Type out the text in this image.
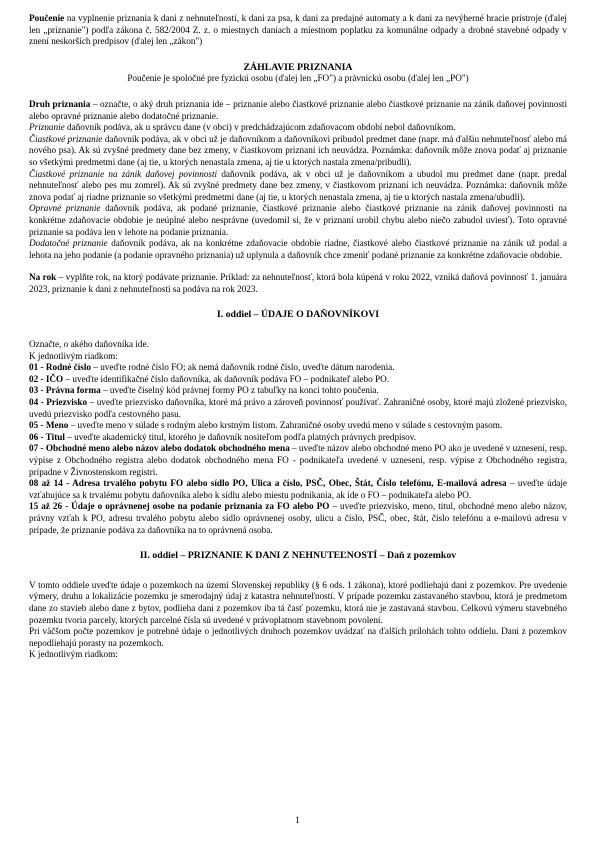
Poučenie na vyplnenie priznania k dani z nehnuteľností, k dani za psa, k dani za predajné automaty a k dani za nevýherné hracie prístroje (ďalej len „priznanie") podľa zákona č. 582/2004 Z. z. o miestnych daniach a miestnom poplatku za komunálne odpady a drobné stavebné odpady v znení neskorších predpisov (ďalej len „zákon")

ZÁHLAVIE PRIZNANIA

Poučenie je spoločné pre fyzickú osobu (ďalej len „FO") a právnickú osobu (ďalej len „PO")

Druh priznania – označte, o aký druh priznania ide – priznanie alebo čiastkové priznanie alebo čiastkové priznanie na zánik daňovej povinnosti alebo opravné priznanie alebo dodatočné priznanie.

Priznanie daňovník podáva, ak u správcu dane (v obci) v predchádzajúcom zdaňovacom období nebol daňovníkom.

Čiastkové priznanie daňovník podáva, ak v obci už je daňovníkom a daňovníkovi pribudol predmet dane (napr. má ďalšiu nehnuteľnosť alebo má nového psa). Ak sú zvyšné predmety dane bez zmeny, v čiastkovom priznaní ich neuvádza. Poznámka: daňovník môže znova podať aj priznanie so všetkými predmetmi dane (aj tie, u ktorých nenastala zmena, aj tie u ktorých nastala zmena/pribudli).

Čiastkové priznanie na zánik daňovej povinnosti daňovník podáva, ak v obci už je daňovníkom a ubudol mu predmet dane (napr. predal nehnuteľnosť alebo pes mu zomrel). Ak sú zvyšné predmety dane bez zmeny, v čiastkovom priznaní ich neuvádza. Poznámka: daňovník môže znova podať aj riadne priznanie so všetkými predmetmi dane (aj tie, u ktorých nenastala zmena, aj tie u ktorých nastala zmena/ubudli).

Opravné priznanie daňovník podáva, ak podané priznanie, čiastkové priznanie alebo čiastkové priznanie na zánik daňovej povinnosti na konkrétne zdaňovacie obdobie je neúplné alebo nesprávne (uvedomil si, že v priznaní urobil chybu alebo niečo zabudol uviesť). Toto opravné priznanie sa podáva len v lehote na podanie priznania.

Dodatočné priznanie daňovník podáva, ak na konkrétne zdaňovacie obdobie riadne, čiastkové alebo čiastkové priznanie na zánik už podal a lehota na jeho podanie (a podanie opravného priznania) už uplynula a daňovník chce zmeniť podané priznanie za konkrétne zdaňovacie obdobie.

Na rok – vyplňte rok, na ktorý podávate priznanie. Príklad: za nehnuteľnosť, ktorá bola kúpená v roku 2022, vzniká daňová povinnosť 1. januára 2023, priznanie k dani z nehnuteľností sa podáva na rok 2023.

I. oddiel – ÚDAJE O DAŇOVNÍKOVI

Označte, o akého daňovníka ide.

K jednotlivým riadkom:

01 - Rodné číslo – uveďte rodné číslo FO; ak nemá daňovník rodné číslo, uveďte dátum narodenia.

02 - IČO – uveďte identifikačné číslo daňovníka, ak daňovník podáva FO – podnikateľ alebo PO.

03 - Právna forma – uveďte číselný kód právnej formy PO z tabuľky na konci tohto poučenia.

04 - Priezvisko – uveďte priezvisko daňovníka, ktoré má právo a zároveň povinnosť používať. Zahraničné osoby, ktoré majú zložené priezvisko, uvedú priezvisko podľa cestovného pasu.

05 - Meno – uveďte meno v súlade s rodným alebo krstným listom. Zahraničné osoby uvedú meno v súlade s cestovným pasom.

06 - Titul – uveďte akademický titul, ktorého je daňovník nositeľom podľa platných právnych predpisov.

07 - Obchodné meno alebo názov alebo dodatok obchodného mena – uveďte názov alebo obchodné meno PO ako je uvedené v uznesení, resp. výpise z Obchodného registra alebo dodatok obchodného mena FO - podnikateľa uvedené v uznesení, resp. výpise z Obchodného registra, prípadne v Živnostenskom registri.

08 až 14 - Adresa trvalého pobytu FO alebo sídlo PO, Ulica a číslo, PSČ, Obec, Štát, Číslo telefónu, E-mailová adresa – uveďte údaje vzťahujúce sa k trvalému pobytu daňovníka alebo k sídlu alebo miestu podnikania, ak ide o FO – podnikateľa alebo PO.

15 až 26 - Údaje o oprávnenej osobe na podanie priznania za FO alebo PO – uveďte priezvisko, meno, titul, obchodné meno alebo názov, právny vzťah k PO, adresu trvalého pobytu alebo sídlo oprávnenej osoby, ulicu a číslo, PSČ, obec, štát, číslo telefónu a e-mailovú adresu v prípade, že priznanie podáva za daňovníka na to oprávnená osoba.

II. oddiel – PRIZNANIE K DANI Z NEHNUTEĽNOSTÍ – Daň z pozemkov

V tomto oddiele uveďte údaje o pozemkoch na území Slovenskej republiky (§ 6 ods. 1 zákona), ktoré podliehajú dani z pozemkov. Pre uvedenie výmery, druhu a lokalizácie pozemku je smerodajný údaj z katastra nehnuteľností. V prípade pozemku zastavaného stavbou, ktorá je predmetom dane zo stavieb alebo dane z bytov, podlieha dani z pozemkov iba tá časť pozemku, ktorá nie je zastavaná stavbou. Celkovú výmeru stavebného pozemku tvoria parcely, ktorých parcelné čísla sú uvedené v právoplatnom stavebnom povolení.

Pri väčšom počte pozemkov je potrebné údaje o jednotlivých druhoch pozemkov uvádzať na ďalších prílohách tohto oddielu. Dani z pozemkov nepodliehajú porasty na pozemkoch.

K jednotlivým riadkom:

1
